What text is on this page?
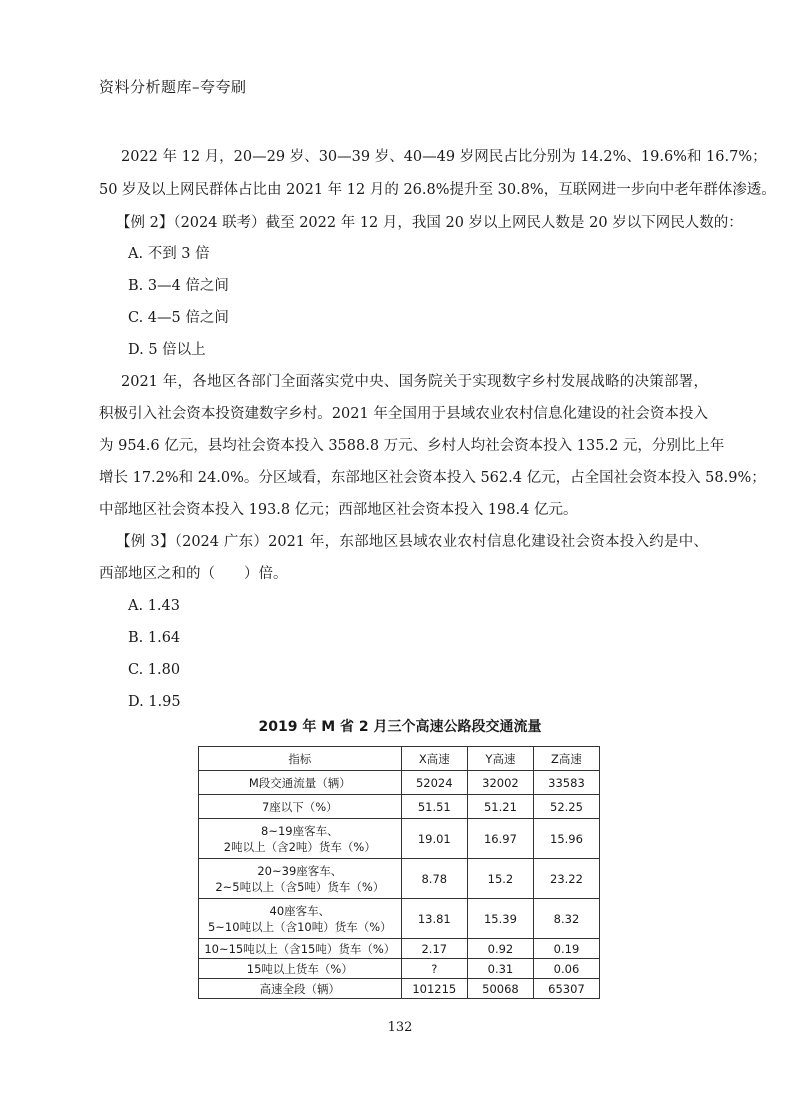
资料分析题库–夸夸刷
2022 年 12 月，20—29 岁、30—39 岁、40—49 岁网民占比分别为 14.2%、19.6%和 16.7%；
50 岁及以上网民群体占比由 2021 年 12 月的 26.8%提升至 30.8%，互联网进一步向中老年群体渗透。
【例 2】（2024 联考）截至 2022 年 12 月，我国 20 岁以上网民人数是 20 岁以下网民人数的：
A. 不到 3 倍
B. 3—4 倍之间
C. 4—5 倍之间
D. 5 倍以上
2021 年，各地区各部门全面落实党中央、国务院关于实现数字乡村发展战略的决策部署，
积极引入社会资本投资建数字乡村。2021 年全国用于县域农业农村信息化建设的社会资本投入
为 954.6 亿元，县均社会资本投入 3588.8 万元、乡村人均社会资本投入 135.2 元，分别比上年
增长 17.2%和 24.0%。分区域看，东部地区社会资本投入 562.4 亿元，占全国社会资本投入 58.9%；
中部地区社会资本投入 193.8 亿元；西部地区社会资本投入 198.4 亿元。
【例 3】（2024 广东）2021 年，东部地区县域农业农村信息化建设社会资本投入约是中、
西部地区之和的（　　）倍。
A. 1.43
B. 1.64
C. 1.80
D. 1.95
2019 年 M 省 2 月三个高速公路段交通流量
指标	X高速	Y高速	Z高速
M段交通流量（辆）	52024	32002	33583
7座以下（%）	51.51	51.21	52.25
8~19座客车、
2吨以上（含2吨）货车（%）	19.01	16.97	15.96
20~39座客车、
2~5吨以上（含5吨）货车（%）	8.78	15.2	23.22
40座客车、
5~10吨以上（含10吨）货车（%）	13.81	15.39	8.32
10~15吨以上（含15吨）货车（%）	2.17	0.92	0.19
15吨以上货车（%）	?	0.31	0.06
高速全段（辆）	101215	50068	65307
132
